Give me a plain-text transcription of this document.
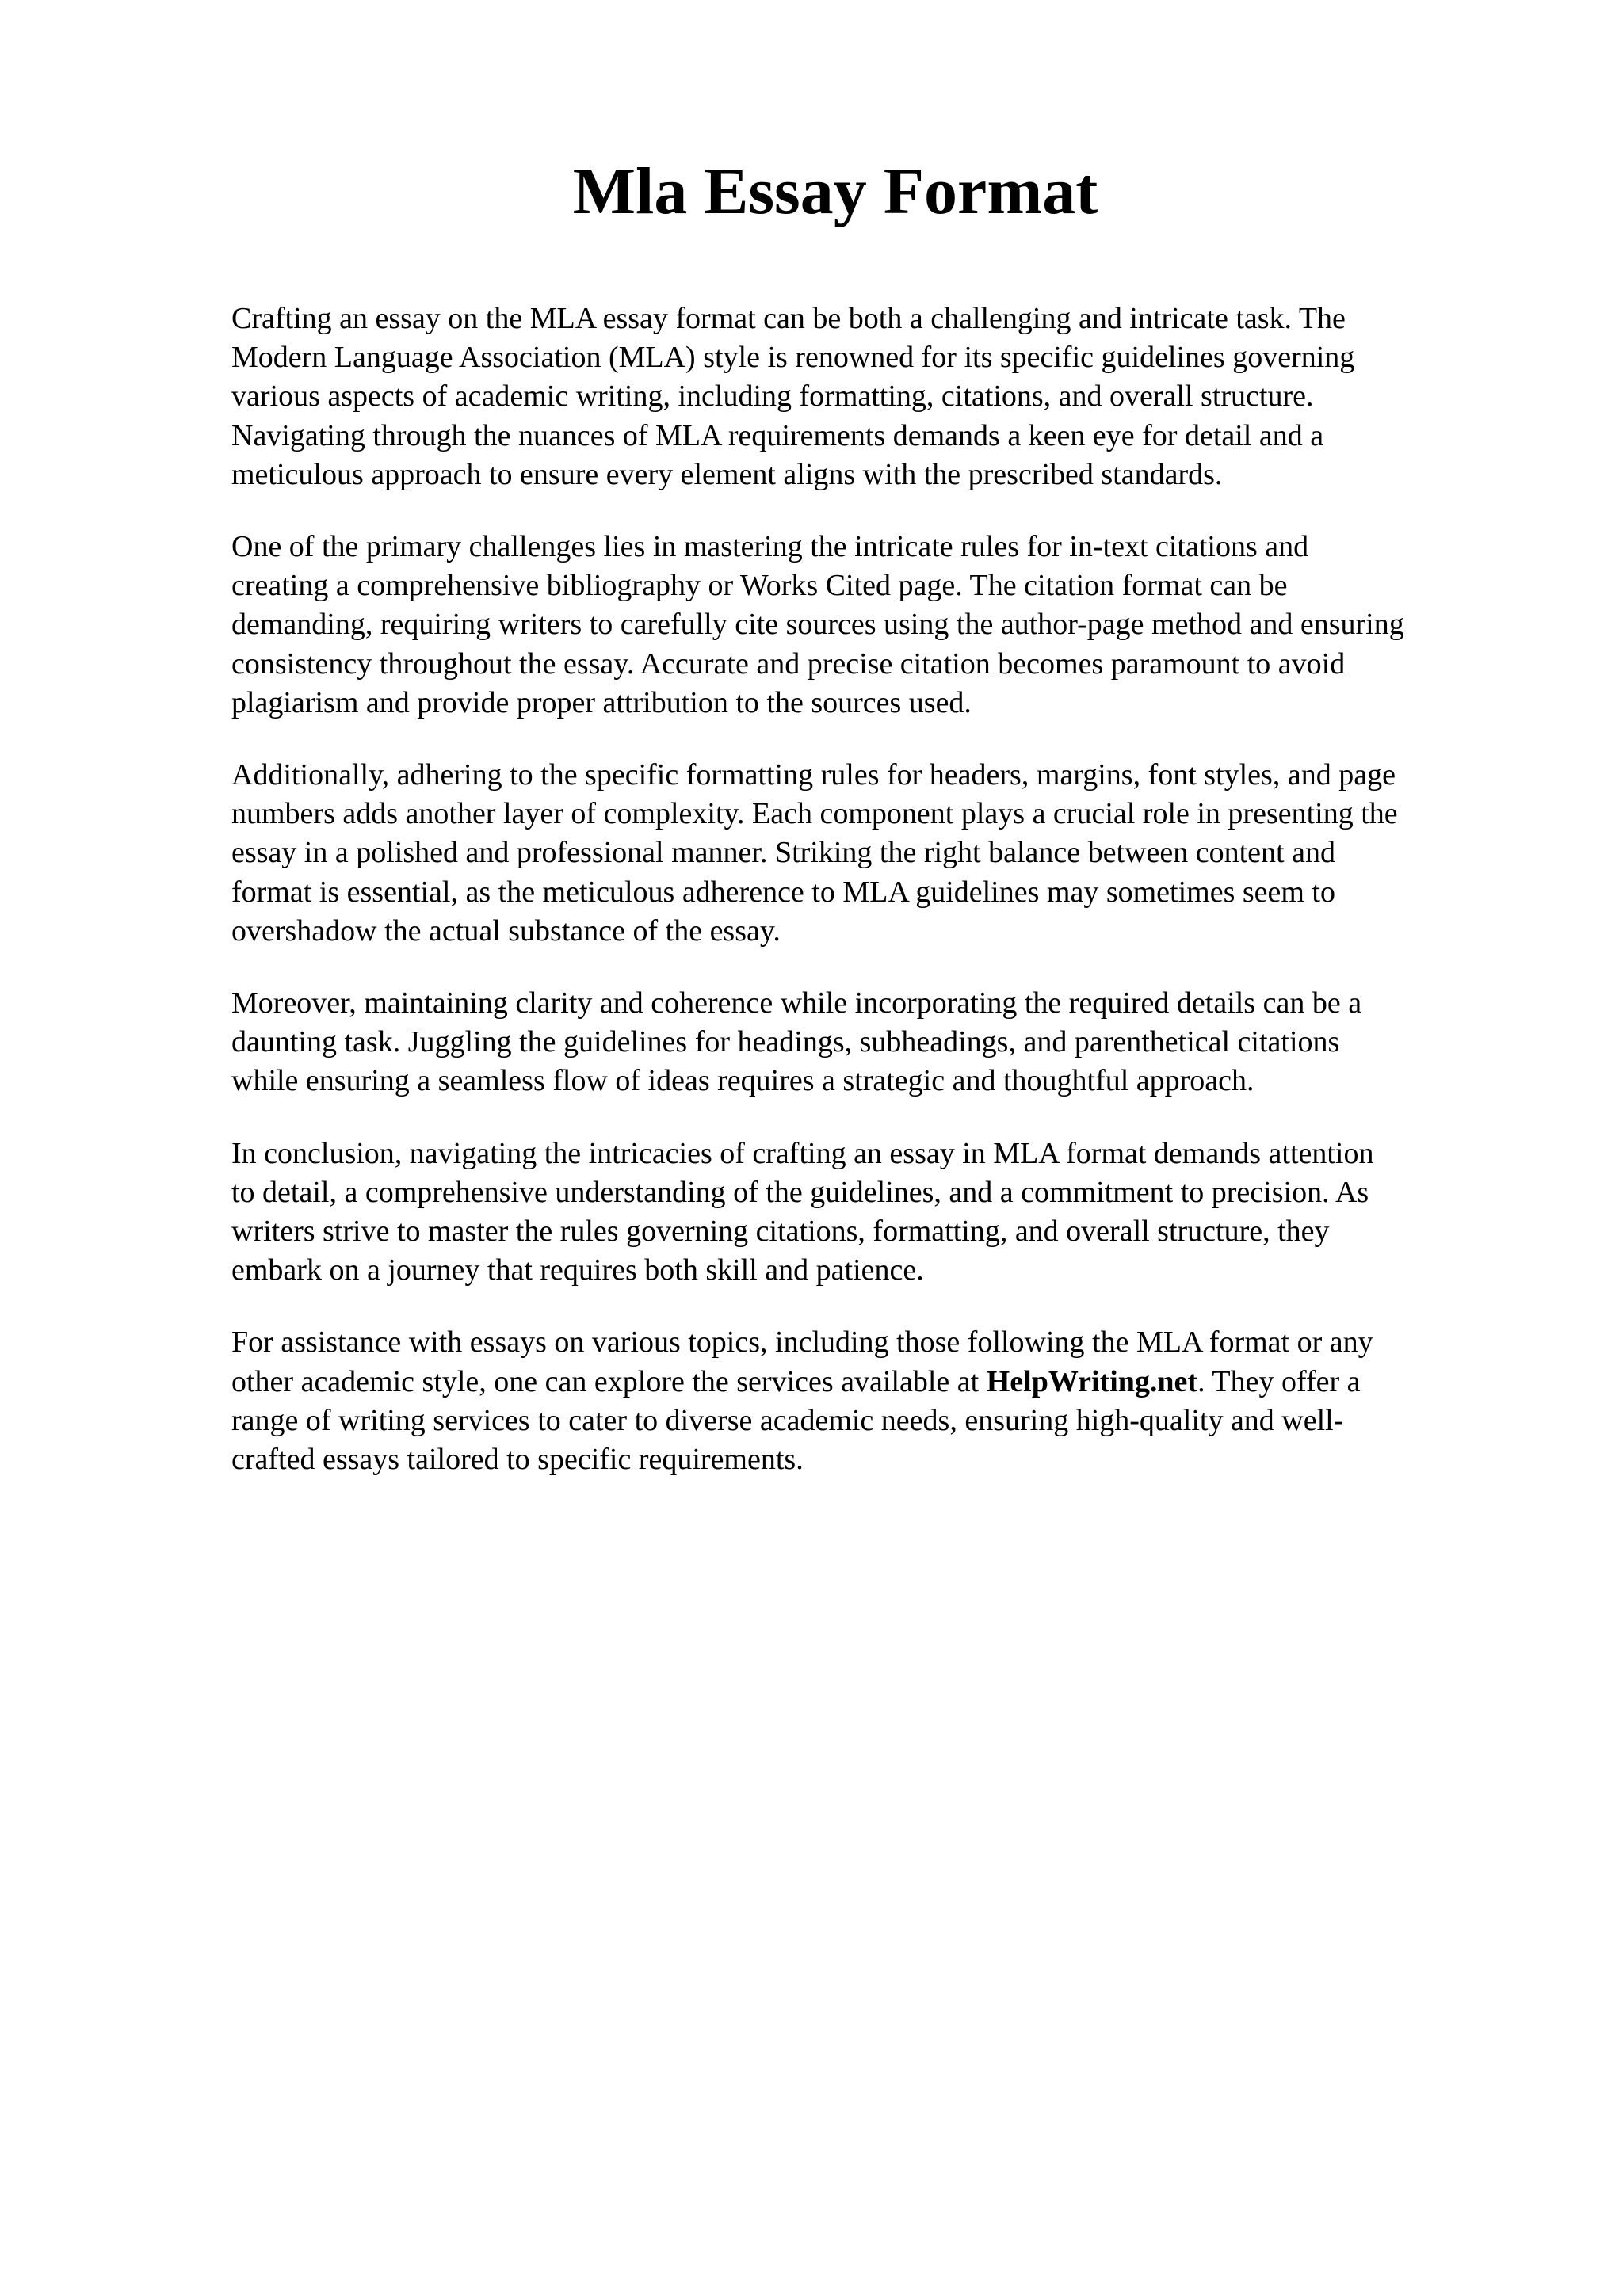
Mla Essay Format

Crafting an essay on the MLA essay format can be both a challenging and intricate task. The
Modern Language Association (MLA) style is renowned for its specific guidelines governing
various aspects of academic writing, including formatting, citations, and overall structure.
Navigating through the nuances of MLA requirements demands a keen eye for detail and a
meticulous approach to ensure every element aligns with the prescribed standards.

One of the primary challenges lies in mastering the intricate rules for in-text citations and
creating a comprehensive bibliography or Works Cited page. The citation format can be
demanding, requiring writers to carefully cite sources using the author-page method and ensuring
consistency throughout the essay. Accurate and precise citation becomes paramount to avoid
plagiarism and provide proper attribution to the sources used.

Additionally, adhering to the specific formatting rules for headers, margins, font styles, and page
numbers adds another layer of complexity. Each component plays a crucial role in presenting the
essay in a polished and professional manner. Striking the right balance between content and
format is essential, as the meticulous adherence to MLA guidelines may sometimes seem to
overshadow the actual substance of the essay.

Moreover, maintaining clarity and coherence while incorporating the required details can be a
daunting task. Juggling the guidelines for headings, subheadings, and parenthetical citations
while ensuring a seamless flow of ideas requires a strategic and thoughtful approach.

In conclusion, navigating the intricacies of crafting an essay in MLA format demands attention
to detail, a comprehensive understanding of the guidelines, and a commitment to precision. As
writers strive to master the rules governing citations, formatting, and overall structure, they
embark on a journey that requires both skill and patience.

For assistance with essays on various topics, including those following the MLA format or any
other academic style, one can explore the services available at HelpWriting.net. They offer a
range of writing services to cater to diverse academic needs, ensuring high-quality and well-
crafted essays tailored to specific requirements.
